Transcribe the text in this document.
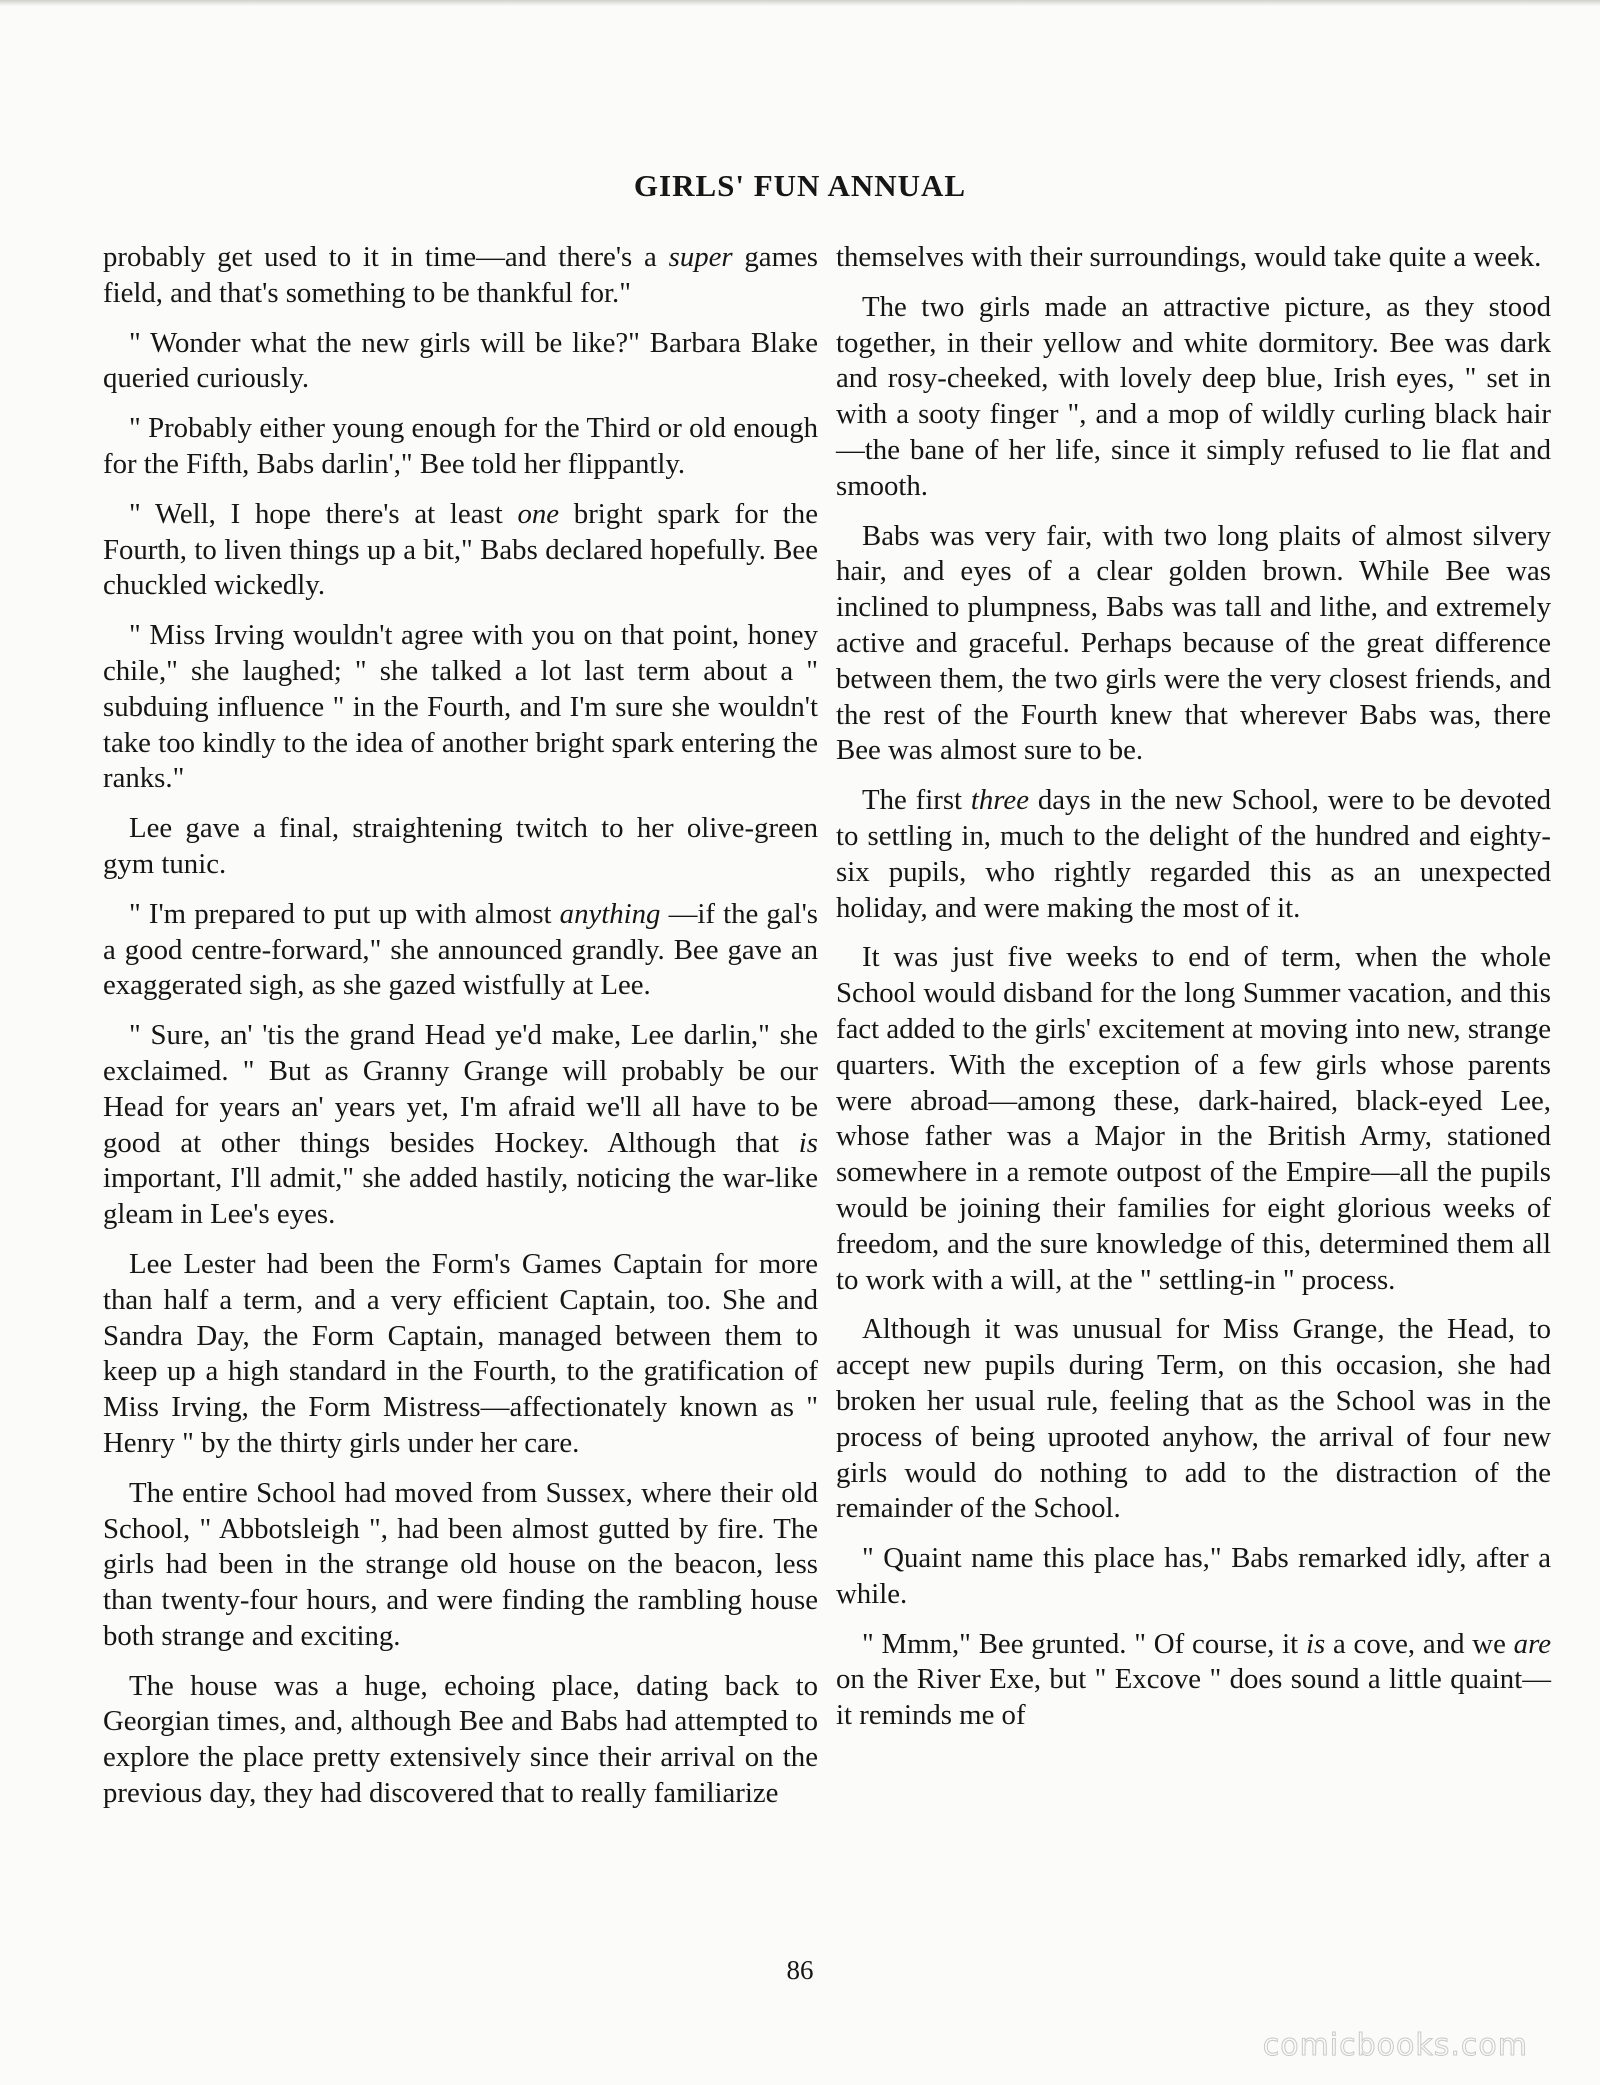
GIRLS' FUN ANNUAL

probably get used to it in time—and there's a super games field, and that's something to be thankful for."

" Wonder what the new girls will be like?" Barbara Blake queried curiously.

" Probably either young enough for the Third or old enough for the Fifth, Babs darlin'," Bee told her flippantly.

" Well, I hope there's at least one bright spark for the Fourth, to liven things up a bit," Babs declared hopefully. Bee chuckled wickedly.

" Miss Irving wouldn't agree with you on that point, honey chile," she laughed; " she talked a lot last term about a " subduing influence " in the Fourth, and I'm sure she wouldn't take too kindly to the idea of another bright spark entering the ranks."

Lee gave a final, straightening twitch to her olive-green gym tunic.

" I'm prepared to put up with almost anything —if the gal's a good centre-forward," she announced grandly. Bee gave an exaggerated sigh, as she gazed wistfully at Lee.

" Sure, an' 'tis the grand Head ye'd make, Lee darlin," she exclaimed. " But as Granny Grange will probably be our Head for years an' years yet, I'm afraid we'll all have to be good at other things besides Hockey. Although that is important, I'll admit," she added hastily, noticing the war-like gleam in Lee's eyes.

Lee Lester had been the Form's Games Captain for more than half a term, and a very efficient Captain, too. She and Sandra Day, the Form Captain, managed between them to keep up a high standard in the Fourth, to the gratification of Miss Irving, the Form Mistress—affectionately known as " Henry " by the thirty girls under her care.

The entire School had moved from Sussex, where their old School, " Abbotsleigh ", had been almost gutted by fire. The girls had been in the strange old house on the beacon, less than twenty-four hours, and were finding the rambling house both strange and exciting.

The house was a huge, echoing place, dating back to Georgian times, and, although Bee and Babs had attempted to explore the place pretty extensively since their arrival on the previous day, they had discovered that to really familiarize

themselves with their surroundings, would take quite a week.

The two girls made an attractive picture, as they stood together, in their yellow and white dormitory. Bee was dark and rosy-cheeked, with lovely deep blue, Irish eyes, " set in with a sooty finger ", and a mop of wildly curling black hair—the bane of her life, since it simply refused to lie flat and smooth.

Babs was very fair, with two long plaits of almost silvery hair, and eyes of a clear golden brown. While Bee was inclined to plumpness, Babs was tall and lithe, and extremely active and graceful. Perhaps because of the great difference between them, the two girls were the very closest friends, and the rest of the Fourth knew that wherever Babs was, there Bee was almost sure to be.

The first three days in the new School, were to be devoted to settling in, much to the delight of the hundred and eighty-six pupils, who rightly regarded this as an unexpected holiday, and were making the most of it.

It was just five weeks to end of term, when the whole School would disband for the long Summer vacation, and this fact added to the girls' excitement at moving into new, strange quarters. With the exception of a few girls whose parents were abroad—among these, dark-haired, black-eyed Lee, whose father was a Major in the British Army, stationed somewhere in a remote outpost of the Empire—all the pupils would be joining their families for eight glorious weeks of freedom, and the sure knowledge of this, determined them all to work with a will, at the " settling-in " process.

Although it was unusual for Miss Grange, the Head, to accept new pupils during Term, on this occasion, she had broken her usual rule, feeling that as the School was in the process of being uprooted anyhow, the arrival of four new girls would do nothing to add to the distraction of the remainder of the School.

" Quaint name this place has," Babs remarked idly, after a while.

" Mmm," Bee grunted. " Of course, it is a cove, and we are on the River Exe, but " Excove " does sound a little quaint—it reminds me of

86
comicbooks.com
